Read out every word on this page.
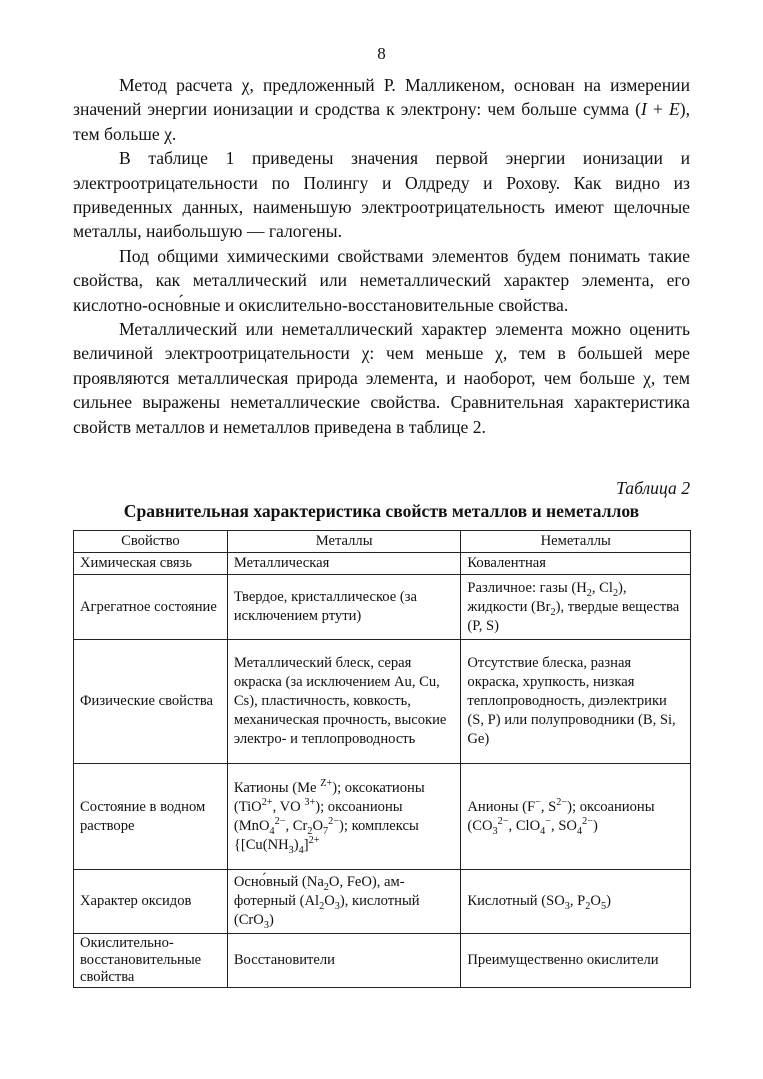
8

Метод расчета χ, предложенный Р. Малликеном, основан на измерении значений энергии ионизации и сродства к электрону: чем больше сумма (I + E), тем больше χ.

В таблице 1 приведены значения первой энергии ионизации и электроотрицательности по Полингу и Олдреду и Рохову. Как видно из приведенных данных, наименьшую электроотрицательность имеют щелочные металлы, наибольшую — галогены.

Под общими химическими свойствами элементов будем понимать такие свойства, как металлический или неметаллический характер элемента, его кислотно-осно́вные и окислительно-восстановительные свойства.

Металлический или неметаллический характер элемента можно оценить величиной электроотрицательности χ: чем меньше χ, тем в большей мере проявляются металлическая природа элемента, и наоборот, чем больше χ, тем сильнее выражены неметаллические свойства. Сравнительная характеристика свойств металлов и неметаллов приведена в таблице 2.

Таблица 2
Сравнительная характеристика свойств металлов и неметаллов
Свойство	Металлы	Неметаллы
Химическая связь	Металлическая	Ковалентная
Агрегатное состояние	Твердое, кристаллическое (за исключением ртути)	Различное: газы ($H_2$, $Cl_2$), жидкости $(Br_2)$, твердые вещества (P, S)
Физические свойства	Металлический блеск, серая окраска (за исключением Au, Cu, Cs), пластичность, ковкость, механическая прочность, высокие электро- и теплопроводность	Отсутствие блеска, разная окраска, хрупкость, низкая теплопроводность, диэлектрики (S, P) или полупроводники (B, Si, Ge)
Состояние в водном растворе	Катионы (Me $^{Z+}$); оксокатионы (TiO$^{2+}$, VO $^{3+}$); оксоанионы (MnO$_4^{2-}$, $Cr_2O_7^{2-}$); комплексы {$[Cu(NH_3)_4]^{2+}$	Анионы (F−, $S^{2-}$); оксоанионы ($CO_3^{2-}$, ClO$_4$−, $SO_4^{2-}$)
Характер оксидов	Осно́вный ($Na_2O$, FeO), амфотерный $(Al_2O_3)$, кислотный (CrO$_3$)	Кислотный ($SO_3$, $P_2O_5$)
Окислительно-восстановительные свойства	Восстановители	Преимущественно окислители
